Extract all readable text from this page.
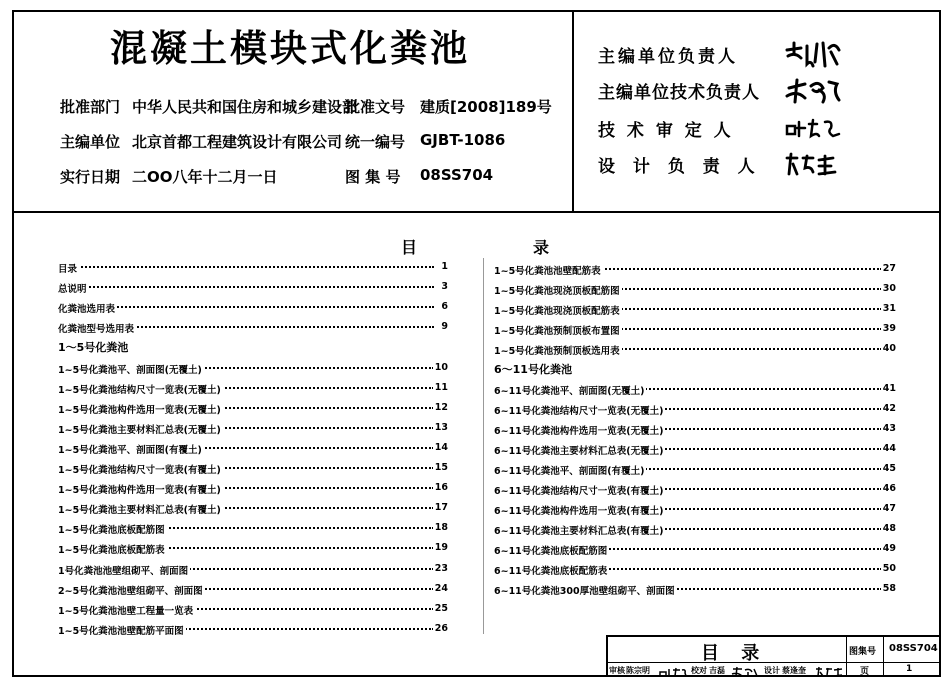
混凝土模块式化粪池
批准部门 中华人民共和国住房和城乡建设部
批准文号 建质[2008]189号
主编单位 北京首都工程建筑设计有限公司 统一编号 GJBT-1086
实行日期 二OO八年十二月一日	图 集 号 08SS704
主编单位负责人
主编单位技术负责人
技 术 审 定 人
设 计 负 责 人
目	录
目录	1
总说明	3
化粪池选用表	6
化粪池型号选用表	9
1～5号化粪池
1~5号化粪池平、剖面图(无覆土)	10
1~5号化粪池结构尺寸一览表(无覆土)	11
1~5号化粪池构件选用一览表(无覆土)	12
1~5号化粪池主要材料汇总表(无覆土)	13
1~5号化粪池平、剖面图(有覆土)	14
1~5号化粪池结构尺寸一览表(有覆土)	15
1~5号化粪池构件选用一览表(有覆土)	16
1~5号化粪池主要材料汇总表(有覆土)	17
1~5号化粪池底板配筋图	18
1~5号化粪池底板配筋表	19
1号化粪池池壁组砌平、剖面图	23
2~5号化粪池池壁组砌平、剖面图	24
1~5号化粪池池壁工程量一览表	25
1~5号化粪池池壁配筋平面图	26
1~5号化粪池池壁配筋表	27
1~5号化粪池现浇顶板配筋图	30
1~5号化粪池现浇顶板配筋表	31
1~5号化粪池预制顶板布置图	39
1~5号化粪池预制顶板选用表	40
6～11号化粪池
6~11号化粪池平、剖面图(无覆土)	41
6~11号化粪池结构尺寸一览表(无覆土)	42
6~11号化粪池构件选用一览表(无覆土)	43
6~11号化粪池主要材料汇总表(无覆土)	44
6~11号化粪池平、剖面图(有覆土)	45
6~11号化粪池结构尺寸一览表(有覆土)	46
6~11号化粪池构件选用一览表(有覆土)	47
6~11号化粪池主要材料汇总表(有覆土)	48
6~11号化粪池底板配筋图	49
6~11号化粪池底板配筋表	50
6~11号化粪池300厚池壁组砌平、剖面图	58
目 录	图集号 08SS704
审核 陈宗明	校对 吉磊	设计 蔡逢奎	页	1
